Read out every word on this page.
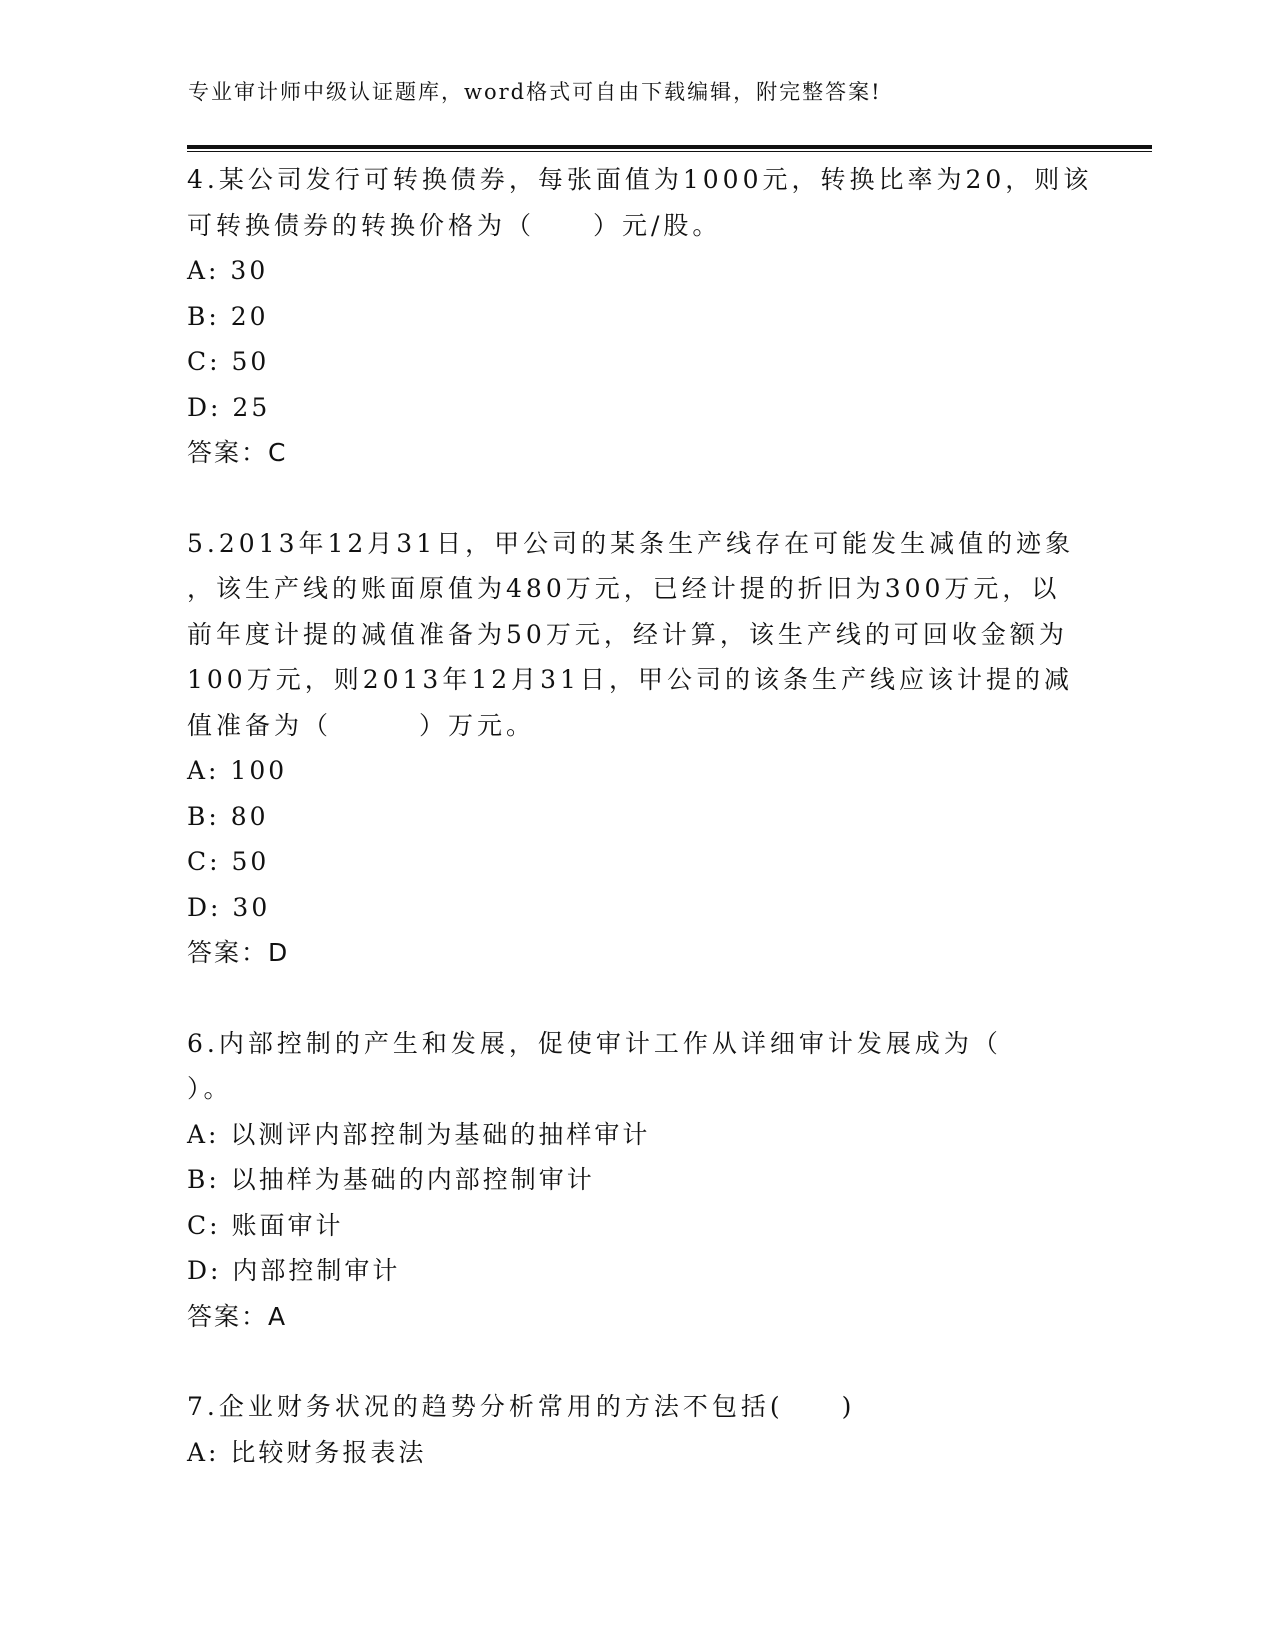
专业审计师中级认证题库，word格式可自由下载编辑，附完整答案!
4.某公司发行可转换债券，每张面值为1000元，转换比率为20，则该
可转换债券的转换价格为（　　）元/股。
A: 30
B: 20
C: 50
D: 25
答案：C
5.2013年12月31日，甲公司的某条生产线存在可能发生减值的迹象
，该生产线的账面原值为480万元，已经计提的折旧为300万元，以
前年度计提的减值准备为50万元，经计算，该生产线的可回收金额为
100万元，则2013年12月31日，甲公司的该条生产线应该计提的减
值准备为（　　　）万元。
A: 100
B: 80
C: 50
D: 30
答案：D
6.内部控制的产生和发展，促使审计工作从详细审计发展成为（
）。
A: 以测评内部控制为基础的抽样审计
B: 以抽样为基础的内部控制审计
C: 账面审计
D: 内部控制审计
答案：A
7.企业财务状况的趋势分析常用的方法不包括(　　)
A: 比较财务报表法
